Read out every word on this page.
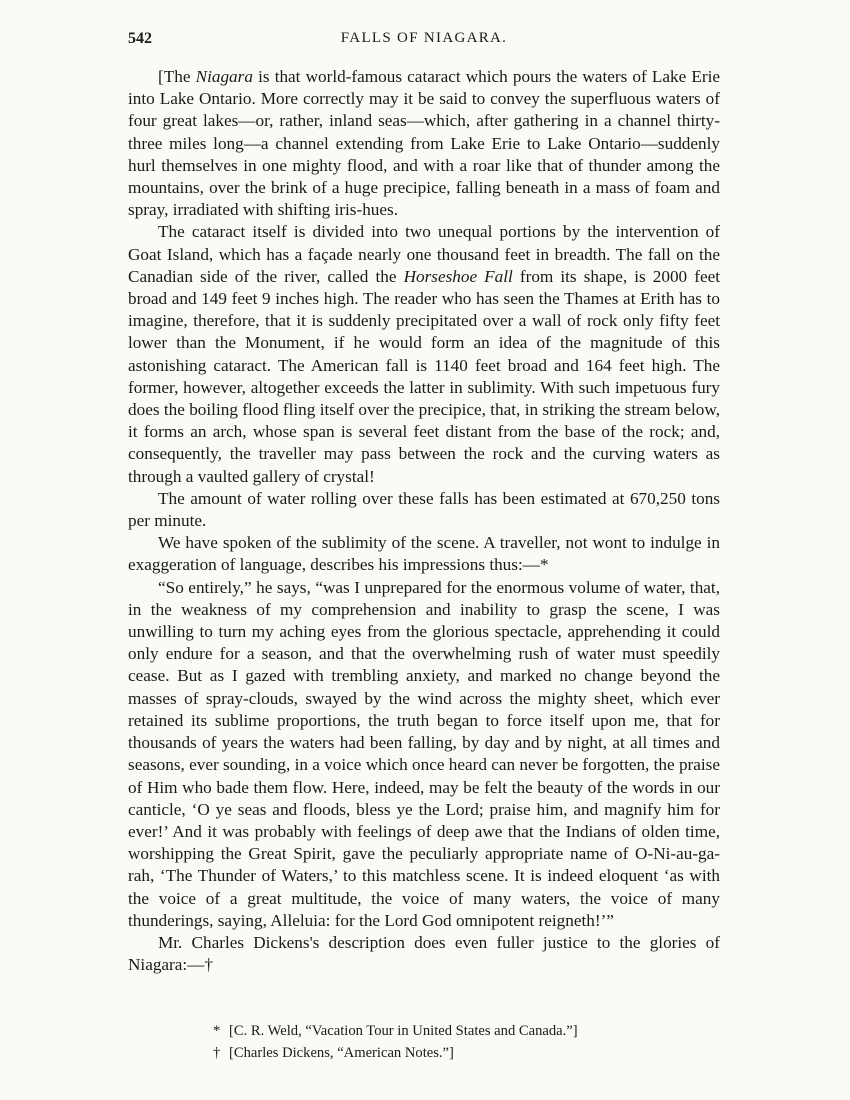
542	FALLS OF NIAGARA.

[The Niagara is that world-famous cataract which pours the waters of Lake Erie into Lake Ontario. More correctly may it be said to convey the superfluous waters of four great lakes—or, rather, inland seas—which, after gathering in a channel thirty-three miles long—a channel extending from Lake Erie to Lake Ontario—suddenly hurl themselves in one mighty flood, and with a roar like that of thunder among the mountains, over the brink of a huge precipice, falling beneath in a mass of foam and spray, irradiated with shifting iris-hues.

The cataract itself is divided into two unequal portions by the intervention of Goat Island, which has a façade nearly one thousand feet in breadth. The fall on the Canadian side of the river, called the Horseshoe Fall from its shape, is 2000 feet broad and 149 feet 9 inches high. The reader who has seen the Thames at Erith has to imagine, therefore, that it is suddenly precipitated over a wall of rock only fifty feet lower than the Monument, if he would form an idea of the magnitude of this astonishing cataract. The American fall is 1140 feet broad and 164 feet high. The former, however, altogether exceeds the latter in sublimity. With such impetuous fury does the boiling flood fling itself over the precipice, that, in striking the stream below, it forms an arch, whose span is several feet distant from the base of the rock; and, consequently, the traveller may pass between the rock and the curving waters as through a vaulted gallery of crystal!

The amount of water rolling over these falls has been estimated at 670,250 tons per minute.

We have spoken of the sublimity of the scene. A traveller, not wont to indulge in exaggeration of language, describes his impressions thus:—*

“So entirely,” he says, “was I unprepared for the enormous volume of water, that, in the weakness of my comprehension and inability to grasp the scene, I was unwilling to turn my aching eyes from the glorious spectacle, apprehending it could only endure for a season, and that the overwhelming rush of water must speedily cease. But as I gazed with trembling anxiety, and marked no change beyond the masses of spray-clouds, swayed by the wind across the mighty sheet, which ever retained its sublime proportions, the truth began to force itself upon me, that for thousands of years the waters had been falling, by day and by night, at all times and seasons, ever sounding, in a voice which once heard can never be forgotten, the praise of Him who bade them flow. Here, indeed, may be felt the beauty of the words in our canticle, ‘O ye seas and floods, bless ye the Lord; praise him, and magnify him for ever!’ And it was probably with feelings of deep awe that the Indians of olden time, worshipping the Great Spirit, gave the peculiarly appropriate name of O-Ni-au-ga-rah, ‘The Thunder of Waters,’ to this matchless scene. It is indeed eloquent ‘as with the voice of a great multitude, the voice of many waters, the voice of many thunderings, saying, Alleluia: for the Lord God omnipotent reigneth!’”

Mr. Charles Dickens's description does even fuller justice to the glories of Niagara:—†

* [C. R. Weld, “Vacation Tour in United States and Canada.”]

† [Charles Dickens, “American Notes.”]
